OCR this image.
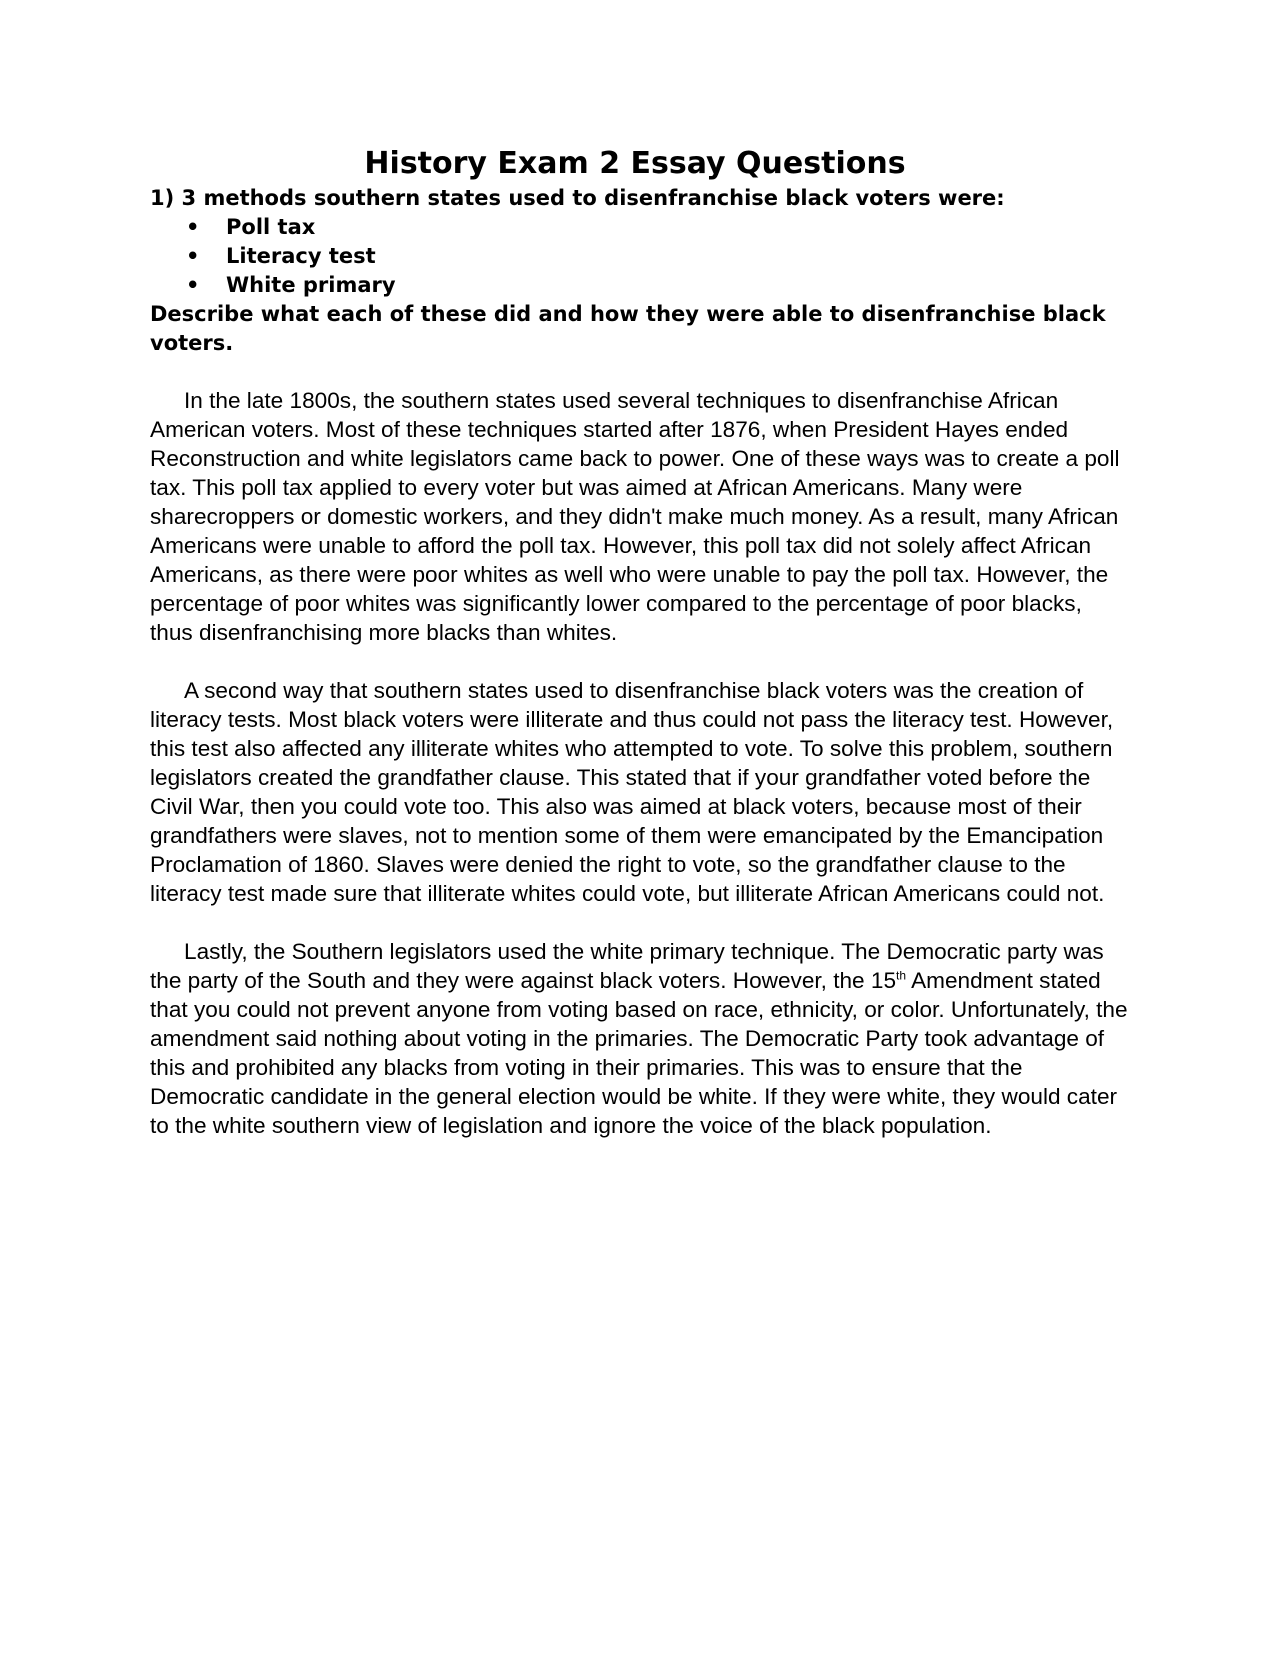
History Exam 2 Essay Questions

1) 3 methods southern states used to disenfranchise black voters were:

•	Poll tax
•	Literacy test
•	White primary

Describe what each of these did and how they were able to disenfranchise black voters.

In the late 1800s, the southern states used several techniques to disenfranchise African American voters. Most of these techniques started after 1876, when President Hayes ended Reconstruction and white legislators came back to power. One of these ways was to create a poll tax. This poll tax applied to every voter but was aimed at African Americans. Many were sharecroppers or domestic workers, and they didn't make much money. As a result, many African Americans were unable to afford the poll tax. However, this poll tax did not solely affect African Americans, as there were poor whites as well who were unable to pay the poll tax. However, the percentage of poor whites was significantly lower compared to the percentage of poor blacks, thus disenfranchising more blacks than whites.

A second way that southern states used to disenfranchise black voters was the creation of literacy tests. Most black voters were illiterate and thus could not pass the literacy test. However, this test also affected any illiterate whites who attempted to vote. To solve this problem, southern legislators created the grandfather clause. This stated that if your grandfather voted before the Civil War, then you could vote too. This also was aimed at black voters, because most of their grandfathers were slaves, not to mention some of them were emancipated by the Emancipation Proclamation of 1860. Slaves were denied the right to vote, so the grandfather clause to the literacy test made sure that illiterate whites could vote, but illiterate African Americans could not.

Lastly, the Southern legislators used the white primary technique. The Democratic party was the party of the South and they were against black voters. However, the 15th Amendment stated that you could not prevent anyone from voting based on race, ethnicity, or color. Unfortunately, the amendment said nothing about voting in the primaries. The Democratic Party took advantage of this and prohibited any blacks from voting in their primaries. This was to ensure that the Democratic candidate in the general election would be white. If they were white, they would cater to the white southern view of legislation and ignore the voice of the black population.
